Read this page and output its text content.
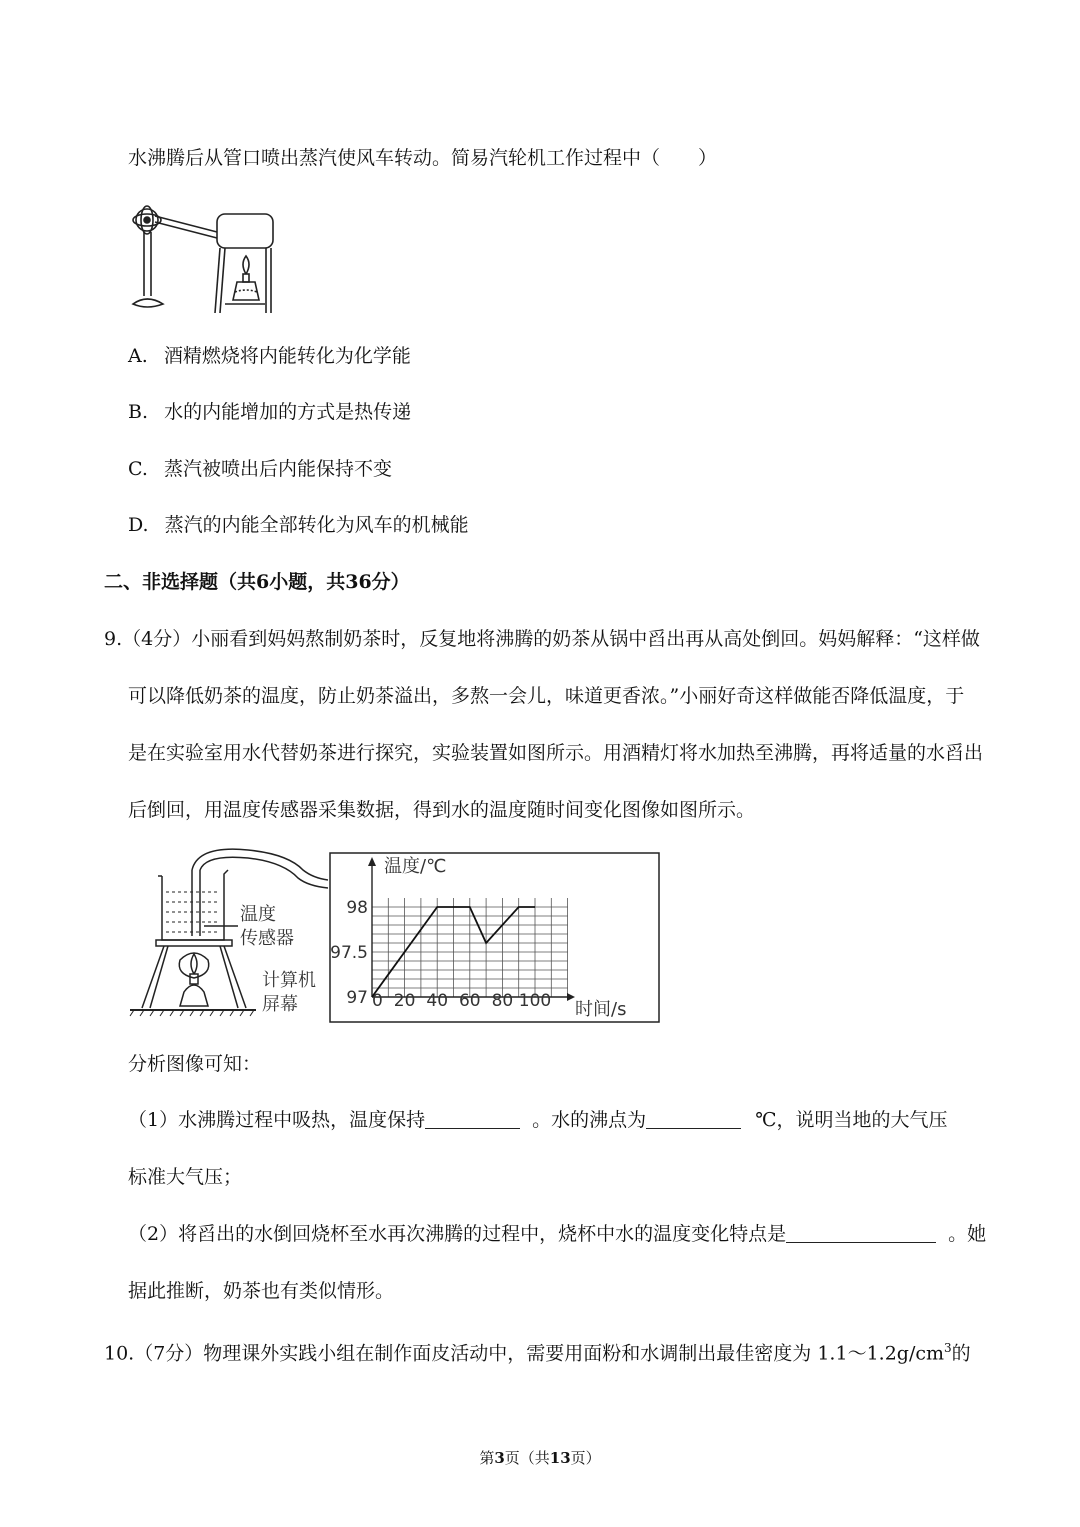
水沸腾后从管口喷出蒸汽使风车转动。简易汽轮机工作过程中（　　）
A. 酒精燃烧将内能转化为化学能
B. 水的内能增加的方式是热传递
C. 蒸汽被喷出后内能保持不变
D. 蒸汽的内能全部转化为风车的机械能
二、非选择题（共6小题，共36分）
9.（4分）小丽看到妈妈熬制奶茶时，反复地将沸腾的奶茶从锅中舀出再从高处倒回。妈妈解释：“这样做
可以降低奶茶的温度，防止奶茶溢出，多熬一会儿，味道更香浓。”小丽好奇这样做能否降低温度，于
是在实验室用水代替奶茶进行探究，实验装置如图所示。用酒精灯将水加热至沸腾，再将适量的水舀出
后倒回，用温度传感器采集数据，得到水的温度随时间变化图像如图所示。
温度
传感器
计算机
屏幕
温度/℃
时间/s
0 20 40 60 80 100
97
97.5
98
分析图像可知：
（1）水沸腾过程中吸热，温度保持	。水的沸点为	℃，说明当地的大气压
标准大气压；
（2）将舀出的水倒回烧杯至水再次沸腾的过程中，烧杯中水的温度变化特点是	。她
据此推断，奶茶也有类似情形。
10.（7分）物理课外实践小组在制作面皮活动中，需要用面粉和水调制出最佳密度为 $1.1\sim 1.2g/cm^3$的
第3页（共13页）
